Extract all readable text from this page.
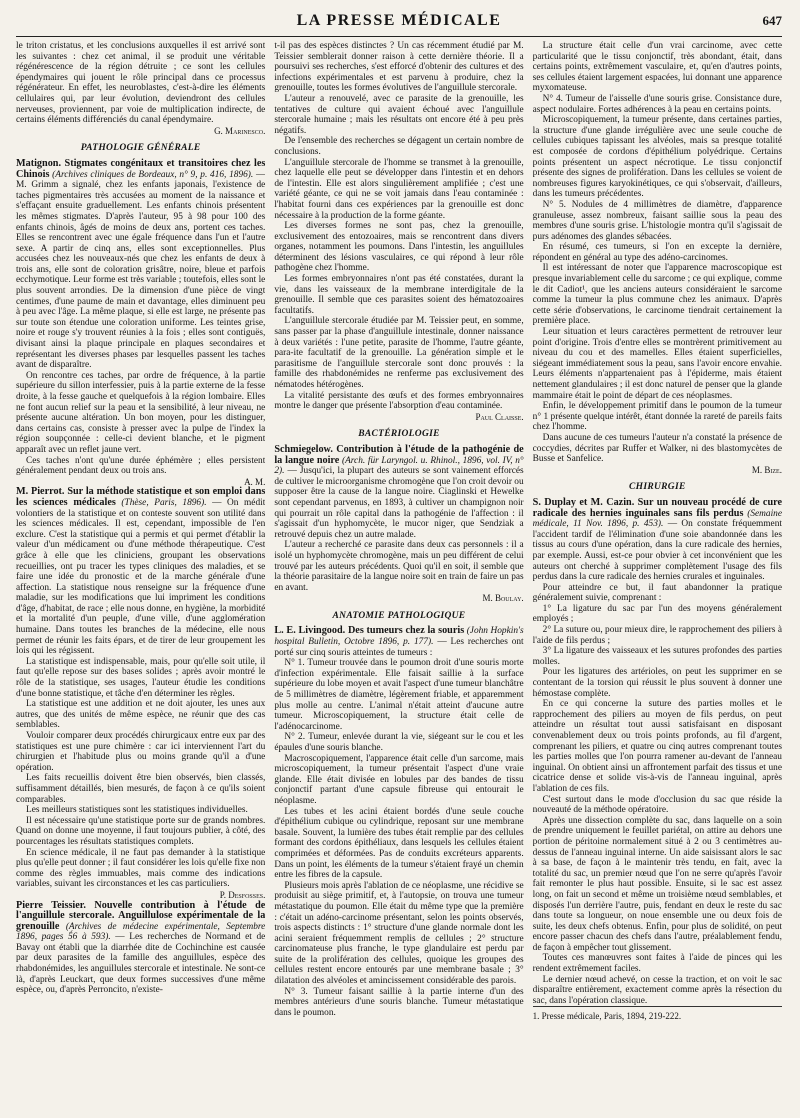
LA PRESSE MÉDICALE	647

le triton cristatus, et les conclusions auxquelles il est arrivé sont les suivantes : chez cet animal, il se produit une véritable régénérescence de la région détruite ; ce sont les cellules épendymaires qui jouent le rôle principal dans ce processus régénérateur. En effet, les neuroblastes, c'est-à-dire les éléments cellulaires qui, par leur évolution, deviendront des cellules nerveuses, proviennent, par voie de multiplication indirecte, de certains éléments différenciés du canal épendymaire.

G. Marinesco.

PATHOLOGIE GÉNÉRALE

Matignon. Stigmates congénitaux et transitoires chez les Chinois (Archives cliniques de Bordeaux, n° 9, p. 416, 1896). — M. Grimm a signalé, chez les enfants japonais, l'existence de taches pigmentaires très accusées au moment de la naissance et s'effaçant ensuite graduellement. Les enfants chinois présentent les mêmes stigmates. D'après l'auteur, 95 à 98 pour 100 des enfants chinois, âgés de moins de deux ans, portent ces taches. Elles se rencontrent avec une égale fréquence dans l'un et l'autre sexe. A partir de cinq ans, elles sont exceptionnelles. Plus accusées chez les nouveaux-nés que chez les enfants de deux à trois ans, elle sont de coloration grisâtre, noire, bleue et parfois ecchymotique. Leur forme est très variable ; toutefois, elles sont le plus souvent arrondies. De la dimension d'une pièce de vingt centimes, d'une paume de main et davantage, elles diminuent peu à peu avec l'âge. La même plaque, si elle est large, ne présente pas sur toute son étendue une coloration uniforme. Les teintes grise, noire et rouge s'y trouvent réunies à la fois ; elles sont contiguës, divisant ainsi la plaque principale en plaques secondaires et représentant les diverses phases par lesquelles passent les taches avant de disparaître.

On rencontre ces taches, par ordre de fréquence, à la partie supérieure du sillon interfessier, puis à la partie externe de la fesse droite, à la fesse gauche et quelquefois à la région lombaire. Elles ne font aucun relief sur la peau et la sensibilité, à leur niveau, ne présente aucune altération. Un bon moyen, pour les distinguer, dans certains cas, consiste à presser avec la pulpe de l'index la région soupçonnée : celle-ci devient blanche, et le pigment apparaît avec un reflet jaune vert.

Ces taches n'ont qu'une durée éphémère ; elles persistent généralement pendant deux ou trois ans.

A. M.

M. Pierrot. Sur la méthode statistique et son emploi dans les sciences médicales (Thèse, Paris, 1896). — On médit volontiers de la statistique et on conteste souvent son utilité dans les sciences médicales. Il est, cependant, impossible de l'en exclure. C'est la statistique qui a permis et qui permet d'établir la valeur d'un médicament ou d'une méthode thérapeutique. C'est grâce à elle que les cliniciens, groupant les observations recueillies, ont pu tracer les types cliniques des maladies, et se faire une idée du pronostic et de la marche générale d'une affection. La statistique nous renseigne sur la fréquence d'une maladie, sur les modifications que lui impriment les conditions d'âge, d'habitat, de race ; elle nous donne, en hygiène, la morbidité et la mortalité d'un peuple, d'une ville, d'une agglomération humaine. Dans toutes les branches de la médecine, elle nous permet de réunir les faits épars, et de tirer de leur groupement les lois qui les régissent.

La statistique est indispensable, mais, pour qu'elle soit utile, il faut qu'elle repose sur des bases solides ; après avoir montré le rôle de la statistique, ses usages, l'auteur étudie les conditions d'une bonne statistique, et tâche d'en déterminer les règles.

La statistique est une addition et ne doit ajouter, les unes aux autres, que des unités de même espèce, ne réunir que des cas semblables.

Vouloir comparer deux procédés chirurgicaux entre eux par des statistiques est une pure chimère : car ici interviennent l'art du chirurgien et l'habitude plus ou moins grande qu'il a d'une opération.

Les faits recueillis doivent être bien observés, bien classés, suffisamment détaillés, bien mesurés, de façon à ce qu'ils soient comparables.

Les meilleurs statistiques sont les statistiques individuelles.

Il est nécessaire qu'une statistique porte sur de grands nombres. Quand on donne une moyenne, il faut toujours publier, à côté, des pourcentages les résultats statistiques complets.

En science médicale, il ne faut pas demander à la statistique plus qu'elle peut donner ; il faut considérer les lois qu'elle fixe non comme des règles immuables, mais comme des indications variables, suivant les circonstances et les cas particuliers.

P. Desfosses.

Pierre Teissier. Nouvelle contribution à l'étude de l'anguillule stercorale. Anguillulose expérimentale de la grenouille (Archives de médecine expérimentale, Septembre 1896, pages 5́6 à 593). — Les recherches de Normand et de Bavay ont établi que la diarrhée dite de Cochinchine est causée par deux parasites de la famille des anguillules, espèce des rhabdonémides, les anguillules stercorale et intestinale. Ne sont-ce là, d'après Leuckart, que deux formes successives d'une même espèce, ou, d'après Perroncito, n'existe-

t-il pas des espèces distinctes ? Un cas récemment étudié par M. Teissier semblerait donner raison à cette dernière théorie. Il a poursuivi ses recherches, s'est efforcé d'obtenir des cultures et des infections expérimentales et est parvenu à produire, chez la grenouille, toutes les formes évolutives de l'anguillule stercorale.

L'auteur a renouvelé, avec ce parasite de la grenouille, les tentatives de culture qui avaient échoué avec l'anguillule stercorale humaine ; mais les résultats ont encore été à peu près négatifs.

De l'ensemble des recherches se dégagent un certain nombre de conclusions.

L'anguillule stercorale de l'homme se transmet à la grenouille, chez laquelle elle peut se développer dans l'intestin et en dehors de l'intestin. Elle est alors singulièrement amplifiée ; c'est une variété géante, ce qui ne se voit jamais dans l'eau contaminée : l'habitat fourni dans ces expériences par la grenouille est donc nécessaire à la production de la forme géante.

Les diverses formes ne sont pas, chez la grenouille, exclusivement des entozoaires, mais se rencontrent dans divers organes, notamment les poumons. Dans l'intestin, les anguillules déterminent des lésions vasculaires, ce qui répond à leur rôle pathogène chez l'homme.

Les formes embryonnaires n'ont pas été constatées, durant la vie, dans les vaisseaux de la membrane interdigitale de la grenouille. Il semble que ces parasites soient des hématozoaires facultatifs.

L'anguillule stercorale étudiée par M. Teissier peut, en somme, sans passer par la phase d'anguillule intestinale, donner naissance à deux variétés : l'une petite, parasite de l'homme, l'autre géante, para-ite facultatif de la grenouille. La génération simple et le parasitisme de l'anguillule stercorale sont donc prouvés : la famille des rhabdonémides ne renferme pas exclusivement des nématodes hétérogènes.

La vitalité persistante des œufs et des formes embryonnaires montre le danger que présente l'absorption d'eau contaminée.

Paul Claisse.

BACTÉRIOLOGIE

Schmiegelow. Contribution à l'étude de la pathogénie de la langue noire (Arch. für Laryngol. u. Rhinol., 1896, vol. IV, n° 2). — Jusqu'ici, la plupart des auteurs se sont vainement efforcés de cultiver le microorganisme chromogène que l'on croit devoir ou supposer être la cause de la langue noire. Ciaglinski et Hewelke sont cependant parvenus, en 1893, à cultiver un champignon noir qui pourrait un rôle capital dans la pathogénie de l'affection : il s'agissait d'un hyphomycète, le mucor niger, que Sendziak a retrouvé depuis chez un autre malade.

L'auteur a recherché ce parasite dans deux cas personnels : il a isolé un hyphomycète chromogène, mais un peu différent de celui trouvé par les auteurs précédents. Quoi qu'il en soit, il semble que la théorie parasitaire de la langue noire soit en train de faire un pas en avant.

M. Boulay.

ANATOMIE PATHOLOGIQUE

L. E. Livingood. Des tumeurs chez la souris (John Hopkin's hospital Bulletin, Octobre 1896, p. 177). — Les recherches ont porté sur cinq souris atteintes de tumeurs :

N° 1. Tumeur trouvée dans le poumon droit d'une souris morte d'infection expérimentale. Elle faisait saillie à la surface supérieure du lobe moyen et avait l'aspect d'une tumeur blanchâtre de 5 millimètres de diamètre, légèrement friable, et apparemment plus molle au centre. L'animal n'était atteint d'aucune autre tumeur. Microscopiquement, la structure était celle de l'adénocarcinome.

N° 2. Tumeur, enlevée durant la vie, siégeant sur le cou et les épaules d'une souris blanche.

Macroscopiquement, l'apparence était celle d'un sarcome, mais microscopiquement, la tumeur présentait l'aspect d'une vraie glande. Elle était divisée en lobules par des bandes de tissu conjonctif partant d'une capsule fibreuse qui entourait le néoplasme.

Les tubes et les acini étaient bordés d'une seule couche d'épithélium cubique ou cylindrique, reposant sur une membrane basale. Souvent, la lumière des tubes était remplie par des cellules formant des cordons épithéliaux, dans lesquels les cellules étaient comprimées et déformées. Pas de conduits excréteurs apparents. Dans un point, les éléments de la tumeur s'étaient frayé un chemin entre les fibres de la capsule.

Plusieurs mois après l'ablation de ce néoplasme, une récidive se produisit au siège primitif, et, à l'autopsie, on trouva une tumeur métastatique du poumon. Elle était du même type que la première : c'était un adéno-carcinome présentant, selon les points observés, trois aspects distincts : 1° structure d'une glande normale dont les acini seraient fréquemment remplis de cellules ; 2° structure carcinomateuse plus franche, le type glandulaire est perdu par suite de la prolifération des cellules, quoique les groupes des cellules restent encore entourés par une membrane basale ; 3° dilatation des alvéoles et amincissement considérable des parois.

N° 3. Tumeur faisant saillie à la partie interne d'un des membres antérieurs d'une souris blanche. Tumeur métastatique dans le poumon.

La structure était celle d'un vrai carcinome, avec cette particularité que le tissu conjonctif, très abondant, était, dans certains points, extrêmement vasculaire, et, qu'en d'autres points, ses cellules étaient largement espacées, lui donnant une apparence myxomateuse.

N° 4. Tumeur de l'aisselle d'une souris grise. Consistance dure, aspect nodulaire. Fortes adhérences à la peau en certains points.

Microscopiquement, la tumeur présente, dans certaines parties, la structure d'une glande irrégulière avec une seule couche de cellules cubiques tapissant les alvéoles, mais sa presque totalité est composée de cordons d'épithélium polyédrique. Certains points présentent un aspect nécrotique. Le tissu conjonctif présente des signes de prolifération. Dans les cellules se voient de nombreuses figures karyokinétiques, ce qui s'observait, d'ailleurs, dans les tumeurs précédentes.

N° 5. Nodules de 4 millimètres de diamètre, d'apparence granuleuse, assez nombreux, faisant saillie sous la peau des membres d'une souris grise. L'histologie montra qu'il s'agissait de purs adénomes des glandes sébacées.

En résumé, ces tumeurs, si l'on en excepte la dernière, répondent en général au type des adéno-carcinomes.

Il est intéressant de noter que l'apparence macroscopique est presque invariablement celle du sarcome ; ce qui explique, comme le dit Cadiot¹, que les anciens auteurs considéraient le sarcome comme la tumeur la plus commune chez les animaux. D'après cette série d'observations, le carcinome tiendrait certainement la première place.

Leur situation et leurs caractères permettent de retrouver leur point d'origine. Trois d'entre elles se montrèrent primitivement au niveau du cou et des mamelles. Elles étaient superficielles, siégeant immédiatement sous la peau, sans l'avoir encore envahie. Leurs éléments n'appartenaient pas à l'épiderme, mais étaient nettement glandulaires ; il est donc naturel de penser que la glande mammaire était le point de départ de ces néoplasmes.

Enfin, le développement primitif dans le poumon de la tumeur n° 1 présente quelque intérêt, étant donnée la rareté de pareils faits chez l'homme.

Dans aucune de ces tumeurs l'auteur n'a constaté la présence de coccydies, décrites par Ruffer et Walker, ni des blastomycètes de Busse et Sanfelice.

M. Bize.

CHIRURGIE

S. Duplay et M. Cazin. Sur un nouveau procédé de cure radicale des hernies inguinales sans fils perdus (Semaine médicale, 11 Nov. 1896, p. 453). — On constate fréquemment l'accident tardif de l'élimination d'une soie abandonnée dans les tissus au cours d'une opération, dans la cure radicale des hernies, par exemple. Aussi, est-ce pour obvier à cet inconvénient que les auteurs ont cherché à supprimer complètement l'usage des fils perdus dans la cure radicale des hernies crurales et inguinales.

Pour atteindre ce but, il faut abandonner la pratique généralement suivie, comprenant :

1° La ligature du sac par l'un des moyens généralement employés ;

2° La suture ou, pour mieux dire, le rapprochement des piliers à l'aide de fils perdus ;

3° La ligature des vaisseaux et les sutures profondes des parties molles.

Pour les ligatures des artérioles, on peut les supprimer en se contentant de la torsion qui réussit le plus souvent à donner une hémostase complète.

En ce qui concerne la suture des parties molles et le rapprochement des piliers au moyen de fils perdus, on peut atteindre un résultat tout aussi satisfaisant en disposant convenablement deux ou trois points profonds, au fil d'argent, comprenant les piliers, et quatre ou cinq autres comprenant toutes les parties molles que l'on pourra ramener au-devant de l'anneau inguinal. On obtient ainsi un affrontement parfait des tissus et une cicatrice dense et solide vis-à-vis de l'anneau inguinal, après l'ablation de ces fils.

C'est surtout dans le mode d'occlusion du sac que réside la nouveauté de la méthode opératoire.

Après une dissection complète du sac, dans laquelle on a soin de prendre uniquement le feuillet pariétal, on attire au dehors une portion de péritoine normalement situé à 2 ou 3 centimètres au-dessus de l'anneau inguinal interne. Un aide saisissant alors le sac à sa base, de façon à le maintenir très tendu, en fait, avec la totalité du sac, un premier nœud que l'on ne serre qu'après l'avoir fait remonter le plus haut possible. Ensuite, si le sac est assez long, on fait un second et même un troisième nœud semblables, et disposés l'un derrière l'autre, puis, fendant en deux le reste du sac dans toute sa longueur, on noue ensemble une ou deux fois de suite, les deux chefs obtenus. Enfin, pour plus de solidité, on peut encore passer chacun des chefs dans l'autre, préalablement fendu, de façon à empêcher tout glissement.

Toutes ces manœuvres sont faites à l'aide de pinces qui les rendent extrêmement faciles.

Le dernier nœud achevé, on cesse la traction, et on voit le sac disparaître entièrement, exactement comme après la résection du sac, dans l'opération classique.

1. Presse médicale, Paris, 1894, 219-222.
